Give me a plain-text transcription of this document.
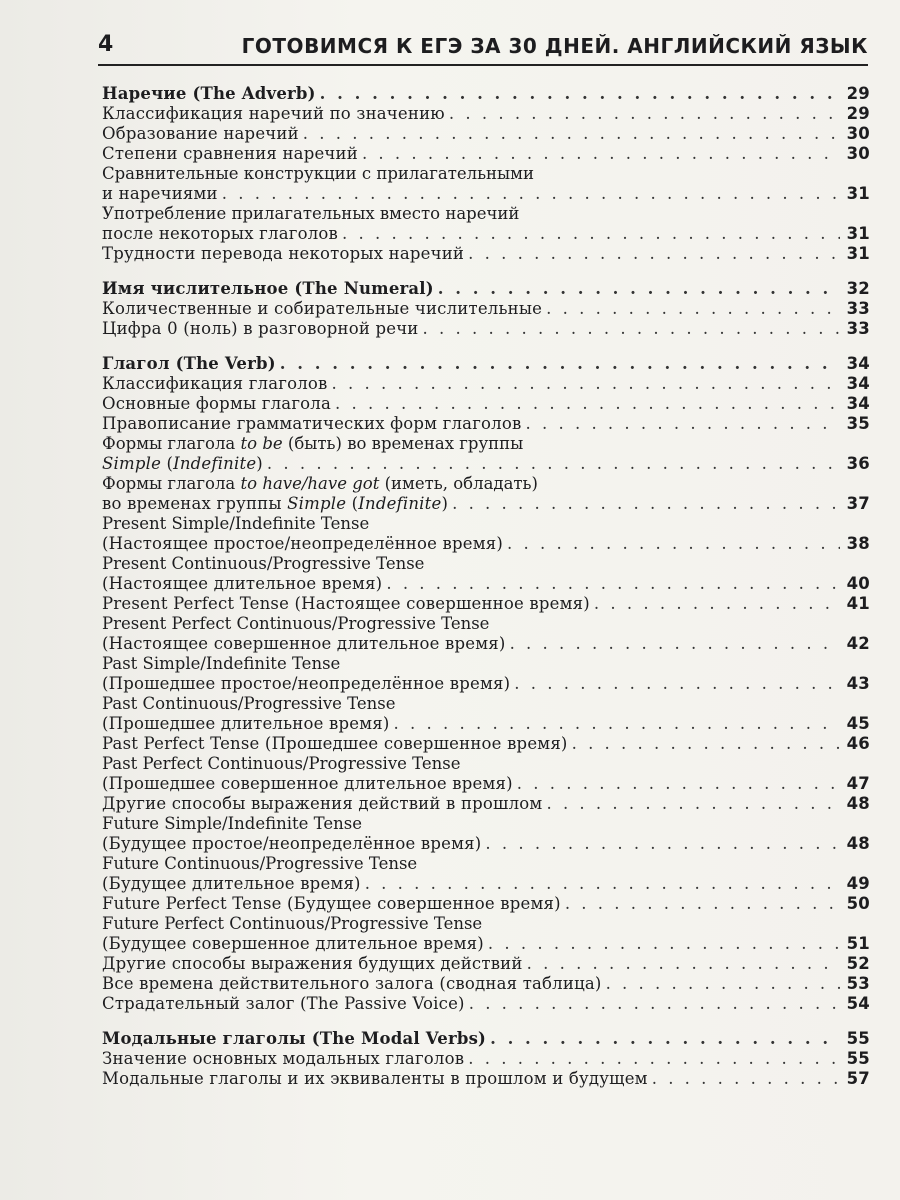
4	ГОТОВИМСЯ К ЕГЭ ЗА 30 ДНЕЙ. АНГЛИЙСКИЙ ЯЗЫК
Наречие (The Adverb) . . .	29
Классификация наречий по значению . . .	29
Образование наречий . . .	30
Степени сравнения наречий . . .	30
Сравнительные конструкции с прилагательными
и наречиями . . .	31
Употребление прилагательных вместо наречий
после некоторых глаголов . . .	31
Трудности перевода некоторых наречий . . .	31
Имя числительное (The Numeral) . . .	32
Количественные и собирательные числительные . . .	33
Цифра 0 (ноль) в разговорной речи . . .	33
Глагол (The Verb) . . .	34
Классификация глаголов . . .	34
Основные формы глагола . . .	34
Правописание грамматических форм глаголов . . .	35
Формы глагола to be (быть) во временах группы
Simple (Indefinite) . . .	36
Формы глагола to have/have got (иметь, обладать)
во временах группы Simple (Indefinite) . . .	37
Present Simple/Indefinite Tense
(Настоящее простое/неопределённое время) . . .	38
Present Continuous/Progressive Tense
(Настоящее длительное время) . . .	40
Present Perfect Tense (Настоящее совершенное время) . . .	41
Present Perfect Continuous/Progressive Tense
(Настоящее совершенное длительное время) . . .	42
Past Simple/Indefinite Tense
(Прошедшее простое/неопределённое время) . . .	43
Past Continuous/Progressive Tense
(Прошедшее длительное время) . . .	45
Past Perfect Tense (Прошедшее совершенное время) . . .	46
Past Perfect Continuous/Progressive Tense
(Прошедшее совершенное длительное время) . . .	47
Другие способы выражения действий в прошлом . . .	48
Future Simple/Indefinite Tense
(Будущее простое/неопределённое время) . . .	48
Future Continuous/Progressive Tense
(Будущее длительное время) . . .	49
Future Perfect Tense (Будущее совершенное время) . . .	50
Future Perfect Continuous/Progressive Tense
(Будущее совершенное длительное время) . . .	51
Другие способы выражения будущих действий . . .	52
Все времена действительного залога (сводная таблица) . . .	53
Страдательный залог (The Passive Voice) . . .	54
Модальные глаголы (The Modal Verbs) . . .	55
Значение основных модальных глаголов . . .	55
Модальные глаголы и их эквиваленты в прошлом и будущем . . .	57
